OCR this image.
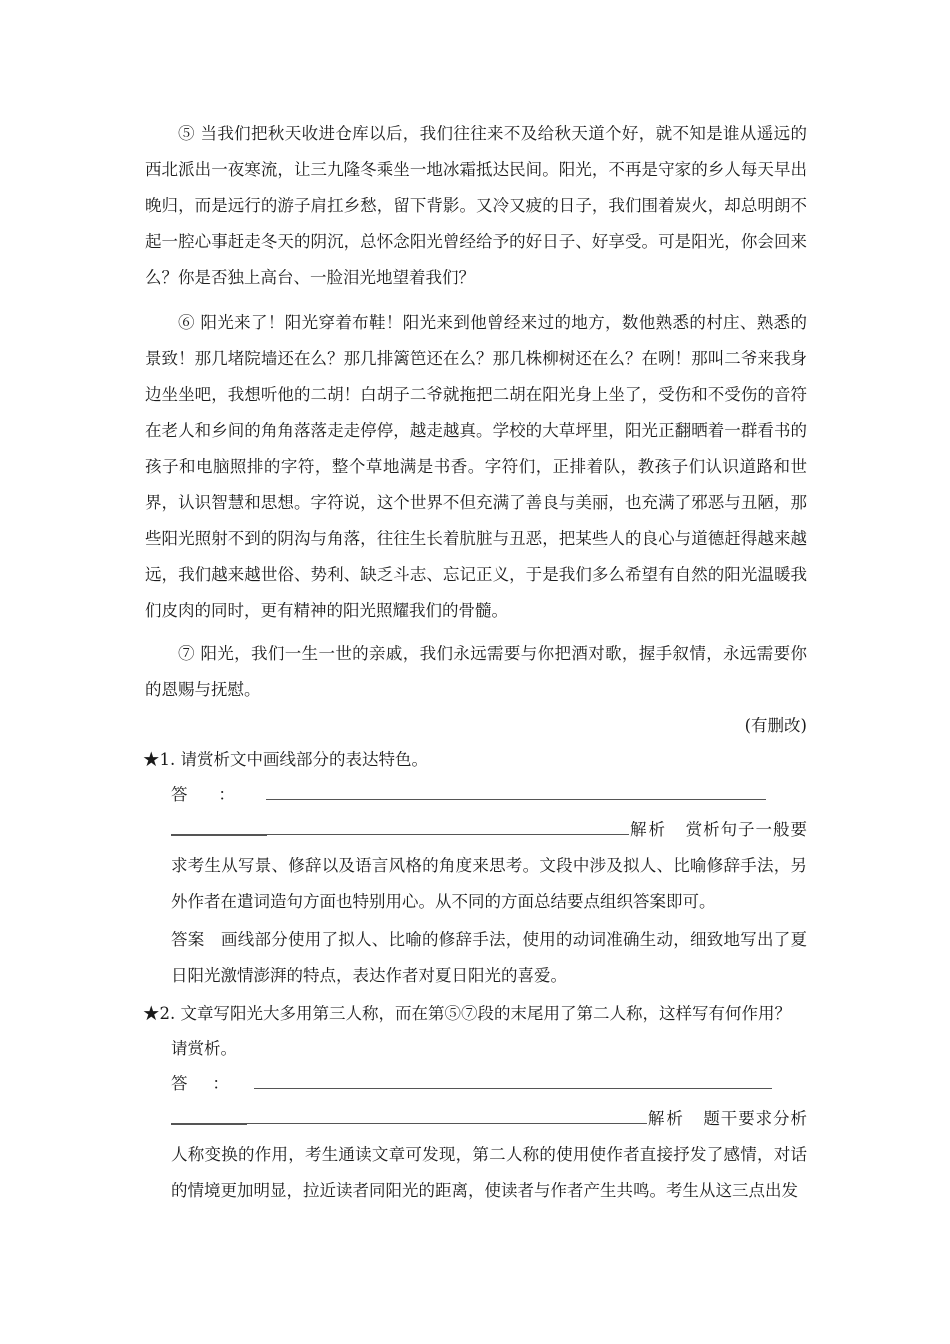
⑤ 当我们把秋天收进仓库以后，我们往往来不及给秋天道个好，就不知是谁从遥远的西北派出一夜寒流，让三九隆冬乘坐一地冰霜抵达民间。阳光，不再是守家的乡人每天早出晚归，而是远行的游子肩扛乡愁，留下背影。又冷又疲的日子，我们围着炭火，却总明朗不起一腔心事赶走冬天的阴沉，总怀念阳光曾经给予的好日子、好享受。可是阳光，你会回来么？你是否独上高台、一脸泪光地望着我们？

⑥ 阳光来了！阳光穿着布鞋！阳光来到他曾经来过的地方，数他熟悉的村庄、熟悉的景致！那几堵院墙还在么？那几排篱笆还在么？那几株柳树还在么？在咧！那叫二爷来我身边坐坐吧，我想听他的二胡！白胡子二爷就拖把二胡在阳光身上坐了，受伤和不受伤的音符在老人和乡间的角角落落走走停停，越走越真。学校的大草坪里，阳光正翻晒着一群看书的孩子和电脑照排的字符，整个草地满是书香。字符们，正排着队，教孩子们认识道路和世界，认识智慧和思想。字符说，这个世界不但充满了善良与美丽，也充满了邪恶与丑陋，那些阳光照射不到的阴沟与角落，往往生长着肮脏与丑恶，把某些人的良心与道德赶得越来越远，我们越来越世俗、势利、缺乏斗志、忘记正义，于是我们多么希望有自然的阳光温暖我们皮肉的同时，更有精神的阳光照耀我们的骨髓。

⑦ 阳光，我们一生一世的亲戚，我们永远需要与你把酒对歌，握手叙情，永远需要你的恩赐与抚慰。

(有删改)

★1. 请赏析文中画线部分的表达特色。

答：

解析 赏析句子一般要求考生从写景、修辞以及语言风格的角度来思考。文段中涉及拟人、比喻修辞手法，另外作者在遣词造句方面也特别用心。从不同的方面总结要点组织答案即可。

答案 画线部分使用了拟人、比喻的修辞手法，使用的动词准确生动，细致地写出了夏日阳光激情澎湃的特点，表达作者对夏日阳光的喜爱。

★2. 文章写阳光大多用第三人称，而在第⑤⑦段的末尾用了第二人称，这样写有何作用？

请赏析。

答：

解析 题干要求分析人称变换的作用，考生通读文章可发现，第二人称的使用使作者直接抒发了感情，对话的情境更加明显，拉近读者同阳光的距离，使读者与作者产生共鸣。考生从这三点出发
